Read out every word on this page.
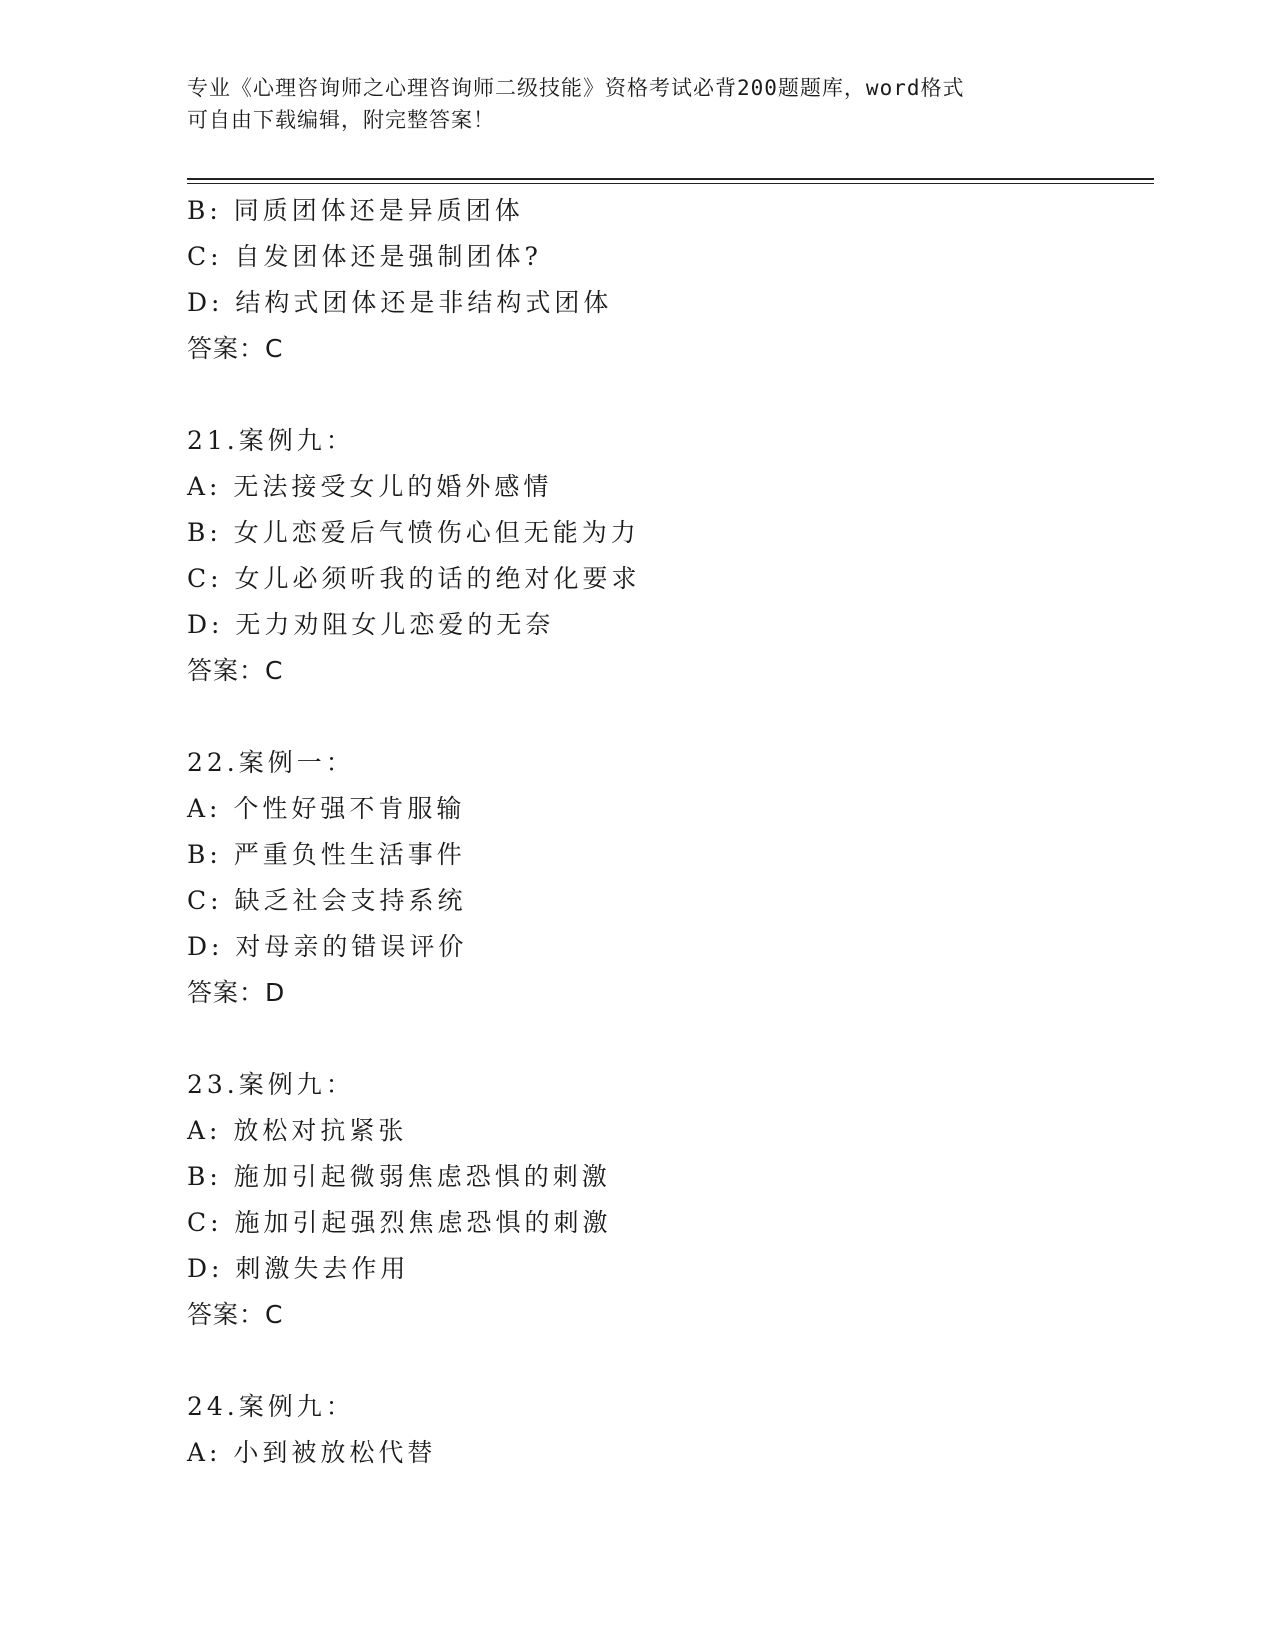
专业《心理咨询师之心理咨询师二级技能》资格考试必背200题题库，word格式
可自由下载编辑，附完整答案！
B: 同质团体还是异质团体
C: 自发团体还是强制团体?
D: 结构式团体还是非结构式团体
答案：C
21.案例九：
A: 无法接受女儿的婚外感情
B: 女儿恋爱后气愤伤心但无能为力
C: 女儿必须听我的话的绝对化要求
D: 无力劝阻女儿恋爱的无奈
答案：C
22.案例一：
A: 个性好强不肯服输
B: 严重负性生活事件
C: 缺乏社会支持系统
D: 对母亲的错误评价
答案：D
23.案例九：
A: 放松对抗紧张
B: 施加引起微弱焦虑恐惧的刺激
C: 施加引起强烈焦虑恐惧的刺激
D: 刺激失去作用
答案：C
24.案例九：
A: 小到被放松代替
